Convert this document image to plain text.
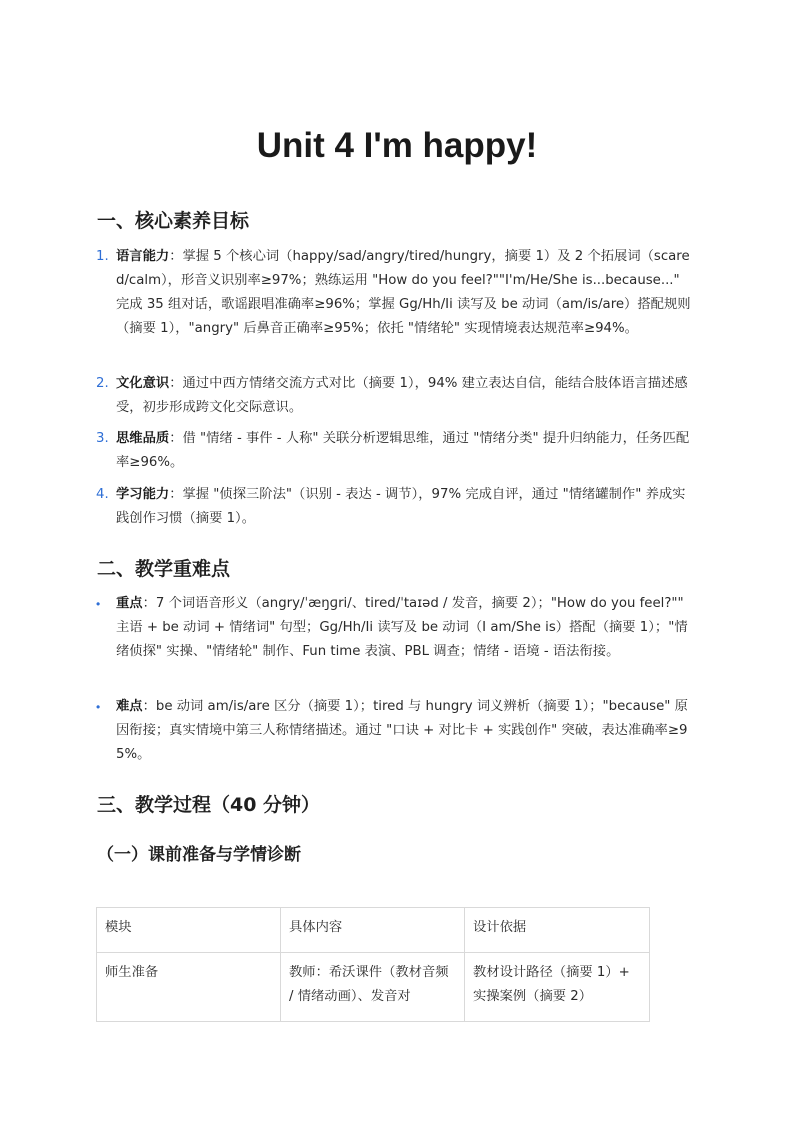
Unit 4 I'm happy!
一、核心素养目标
1. 语言能力：掌握 5 个核心词（happy/sad/angry/tired/hungry，摘要 1）及 2 个拓展词（scared/calm），形音义识别率≥97%；熟练运用 "How do you feel?""I'm/He/She is...because..." 完成 35 组对话，歌谣跟唱准确率≥96%；掌握 Gg/Hh/Ii 读写及 be 动词（am/is/are）搭配规则（摘要 1），"angry" 后鼻音正确率≥95%；依托 "情绪轮" 实现情境表达规范率≥94%。
2. 文化意识：通过中西方情绪交流方式对比（摘要 1），94% 建立表达自信，能结合肢体语言描述感受，初步形成跨文化交际意识。
3. 思维品质：借 "情绪 - 事件 - 人称" 关联分析逻辑思维，通过 "情绪分类" 提升归纳能力，任务匹配率≥96%。
4. 学习能力：掌握 "侦探三阶法"（识别 - 表达 - 调节），97% 完成自评，通过 "情绪罐制作" 养成实践创作习惯（摘要 1）。
二、教学重难点
• 重点：7 个词语音形义（angry/ˈæŋɡri/、tired/ˈtaɪəd / 发音，摘要 2）；"How do you feel?"" 主语 + be 动词 + 情绪词" 句型；Gg/Hh/Ii 读写及 be 动词（I am/She is）搭配（摘要 1）；"情绪侦探" 实操、"情绪轮" 制作、Fun time 表演、PBL 调查；情绪 - 语境 - 语法衔接。
• 难点：be 动词 am/is/are 区分（摘要 1）；tired 与 hungry 词义辨析（摘要 1）；"because" 原因衔接；真实情境中第三人称情绪描述。通过 "口诀 + 对比卡 + 实践创作" 突破，表达准确率≥95%。
三、教学过程（40 分钟）
（一）课前准备与学情诊断
模块	具体内容	设计依据
师生准备	教师：希沃课件（教材音频 / 情绪动画）、发音对	教材设计路径（摘要 1）+ 实操案例（摘要 2）
